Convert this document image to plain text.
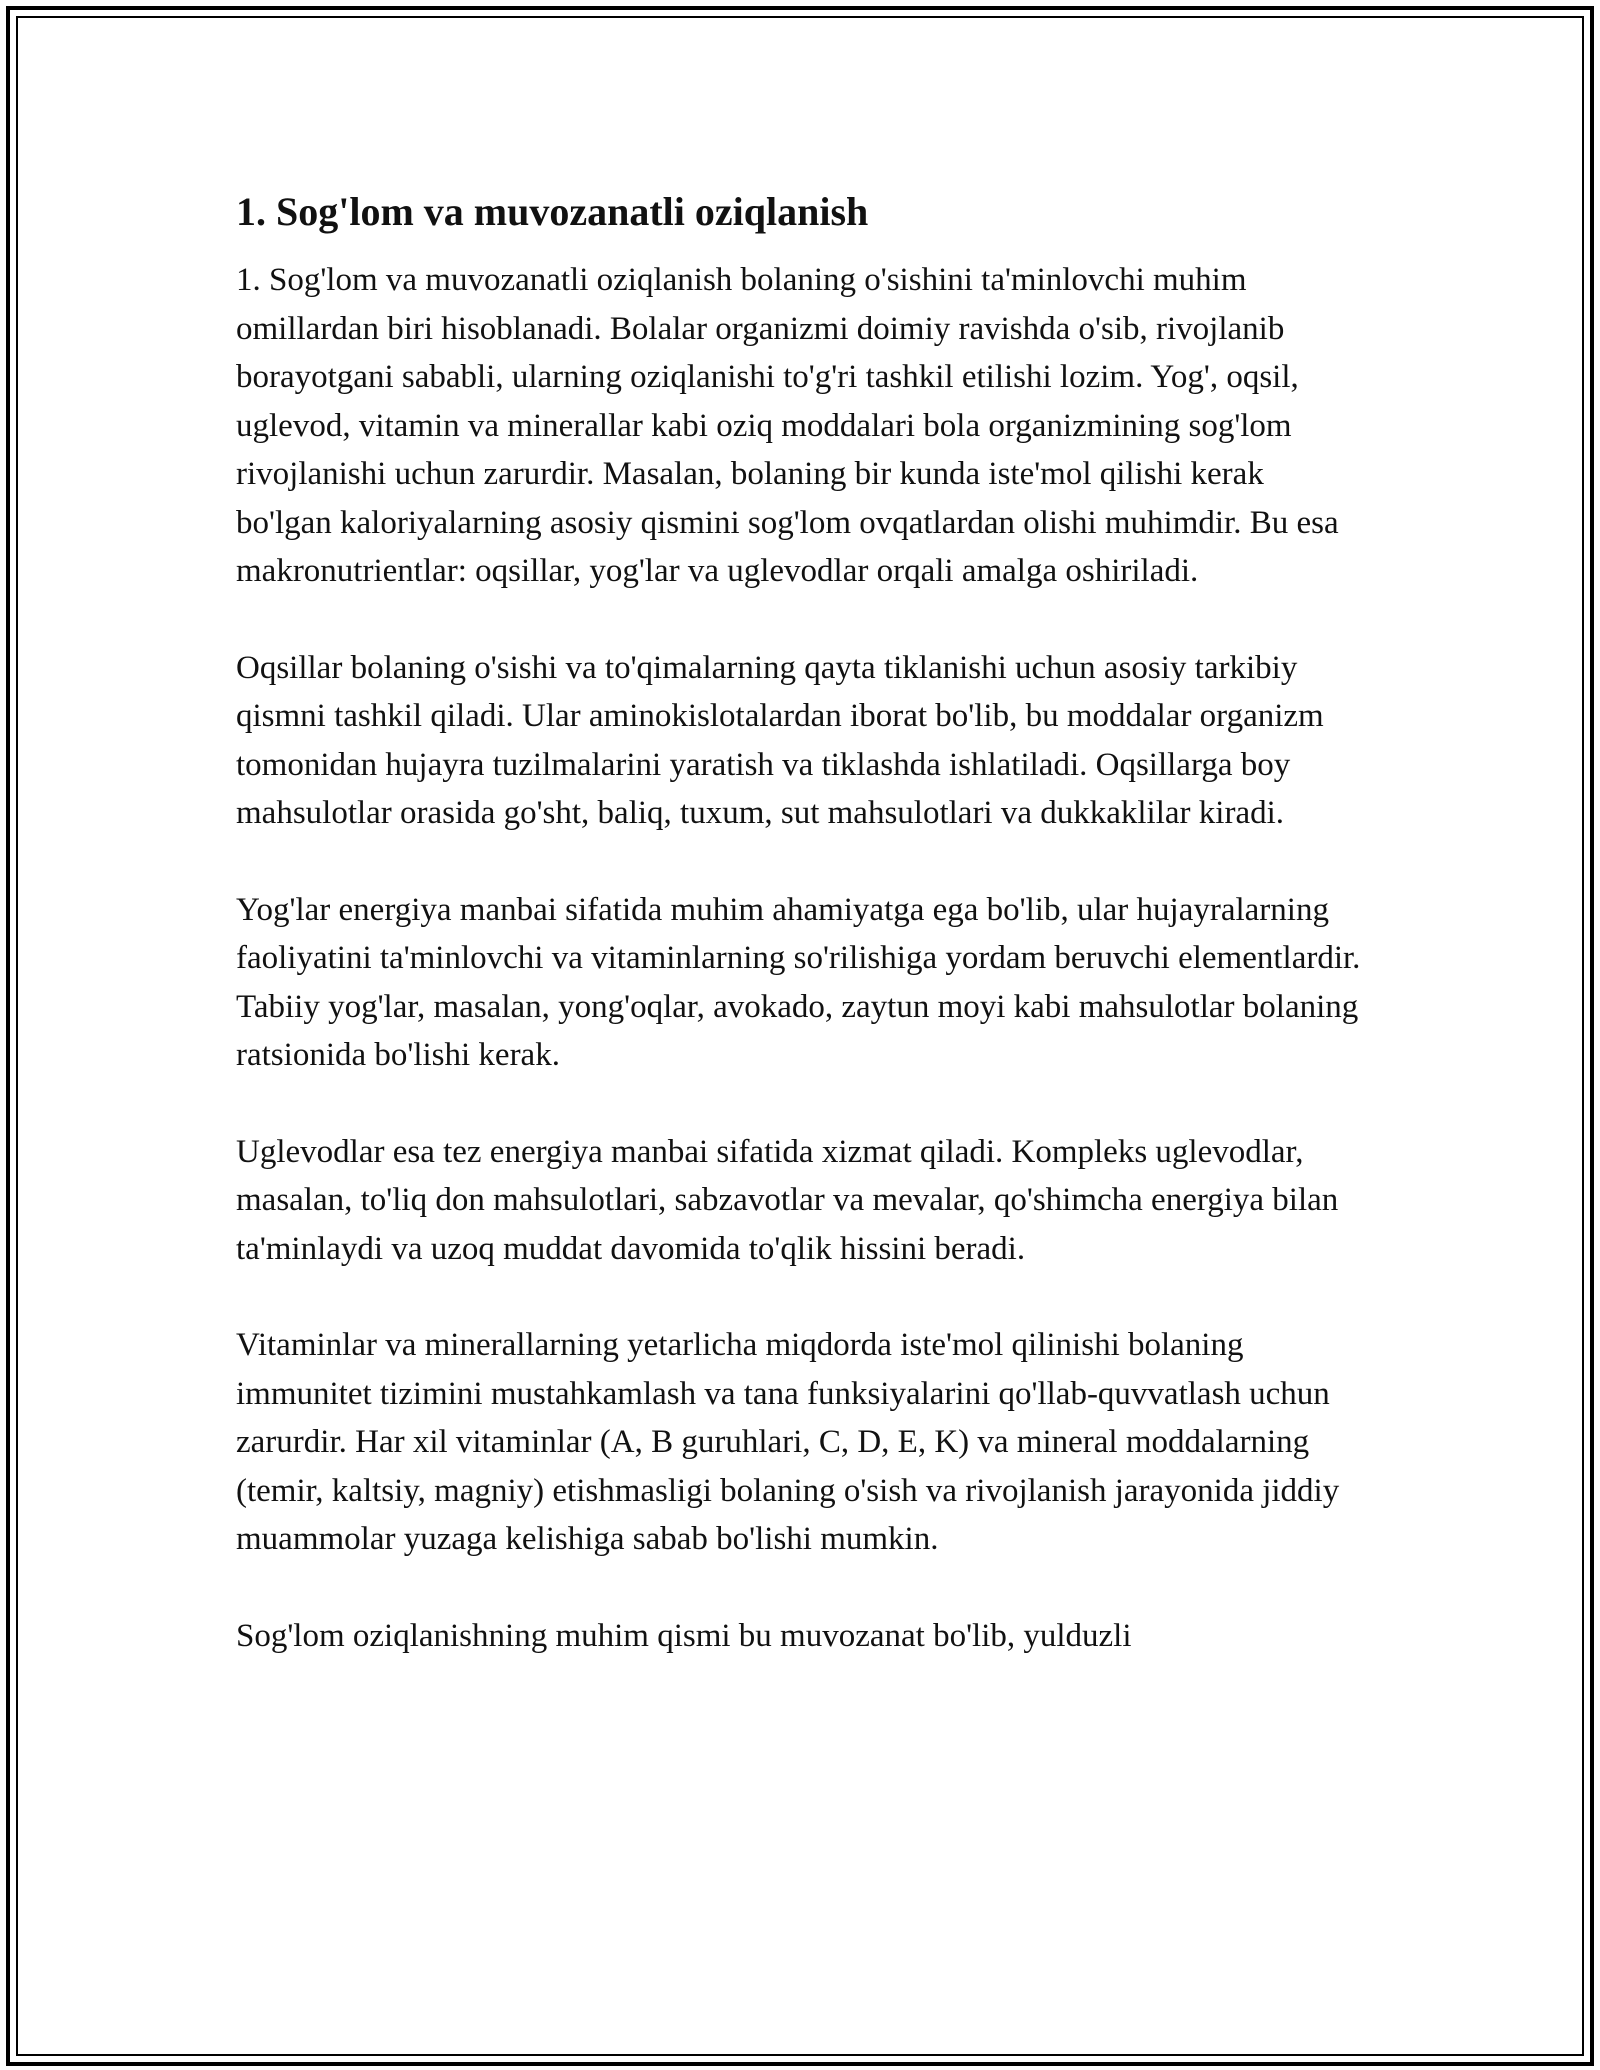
1. Sog'lom va muvozanatli oziqlanish

1. Sog'lom va muvozanatli oziqlanish bolaning o'sishini ta'minlovchi muhim omillardan biri hisoblanadi. Bolalar organizmi doimiy ravishda o'sib, rivojlanib borayotgani sababli, ularning oziqlanishi to'g'ri tashkil etilishi lozim. Yog', oqsil, uglevod, vitamin va minerallar kabi oziq moddalari bola organizmining sog'lom rivojlanishi uchun zarurdir. Masalan, bolaning bir kunda iste'mol qilishi kerak bo'lgan kaloriyalarning asosiy qismini sog'lom ovqatlardan olishi muhimdir. Bu esa makronutrientlar: oqsillar, yog'lar va uglevodlar orqali amalga oshiriladi.

Oqsillar bolaning o'sishi va to'qimalarning qayta tiklanishi uchun asosiy tarkibiy qismni tashkil qiladi. Ular aminokislotalardan iborat bo'lib, bu moddalar organizm tomonidan hujayra tuzilmalarini yaratish va tiklashda ishlatiladi. Oqsillarga boy mahsulotlar orasida go'sht, baliq, tuxum, sut mahsulotlari va dukkaklilar kiradi.

Yog'lar energiya manbai sifatida muhim ahamiyatga ega bo'lib, ular hujayralarning faoliyatini ta'minlovchi va vitaminlarning so'rilishiga yordam beruvchi elementlardir. Tabiiy yog'lar, masalan, yong'oqlar, avokado, zaytun moyi kabi mahsulotlar bolaning ratsionida bo'lishi kerak.

Uglevodlar esa tez energiya manbai sifatida xizmat qiladi. Kompleks uglevodlar, masalan, to'liq don mahsulotlari, sabzavotlar va mevalar, qo'shimcha energiya bilan ta'minlaydi va uzoq muddat davomida to'qlik hissini beradi.

Vitaminlar va minerallarning yetarlicha miqdorda iste'mol qilinishi bolaning immunitet tizimini mustahkamlash va tana funksiyalarini qo'llab-quvvatlash uchun zarurdir. Har xil vitaminlar (A, B guruhlari, C, D, E, K) va mineral moddalarning (temir, kaltsiy, magniy) etishmasligi bolaning o'sish va rivojlanish jarayonida jiddiy muammolar yuzaga kelishiga sabab bo'lishi mumkin.

Sog'lom oziqlanishning muhim qismi bu muvozanat bo'lib, yulduzli
